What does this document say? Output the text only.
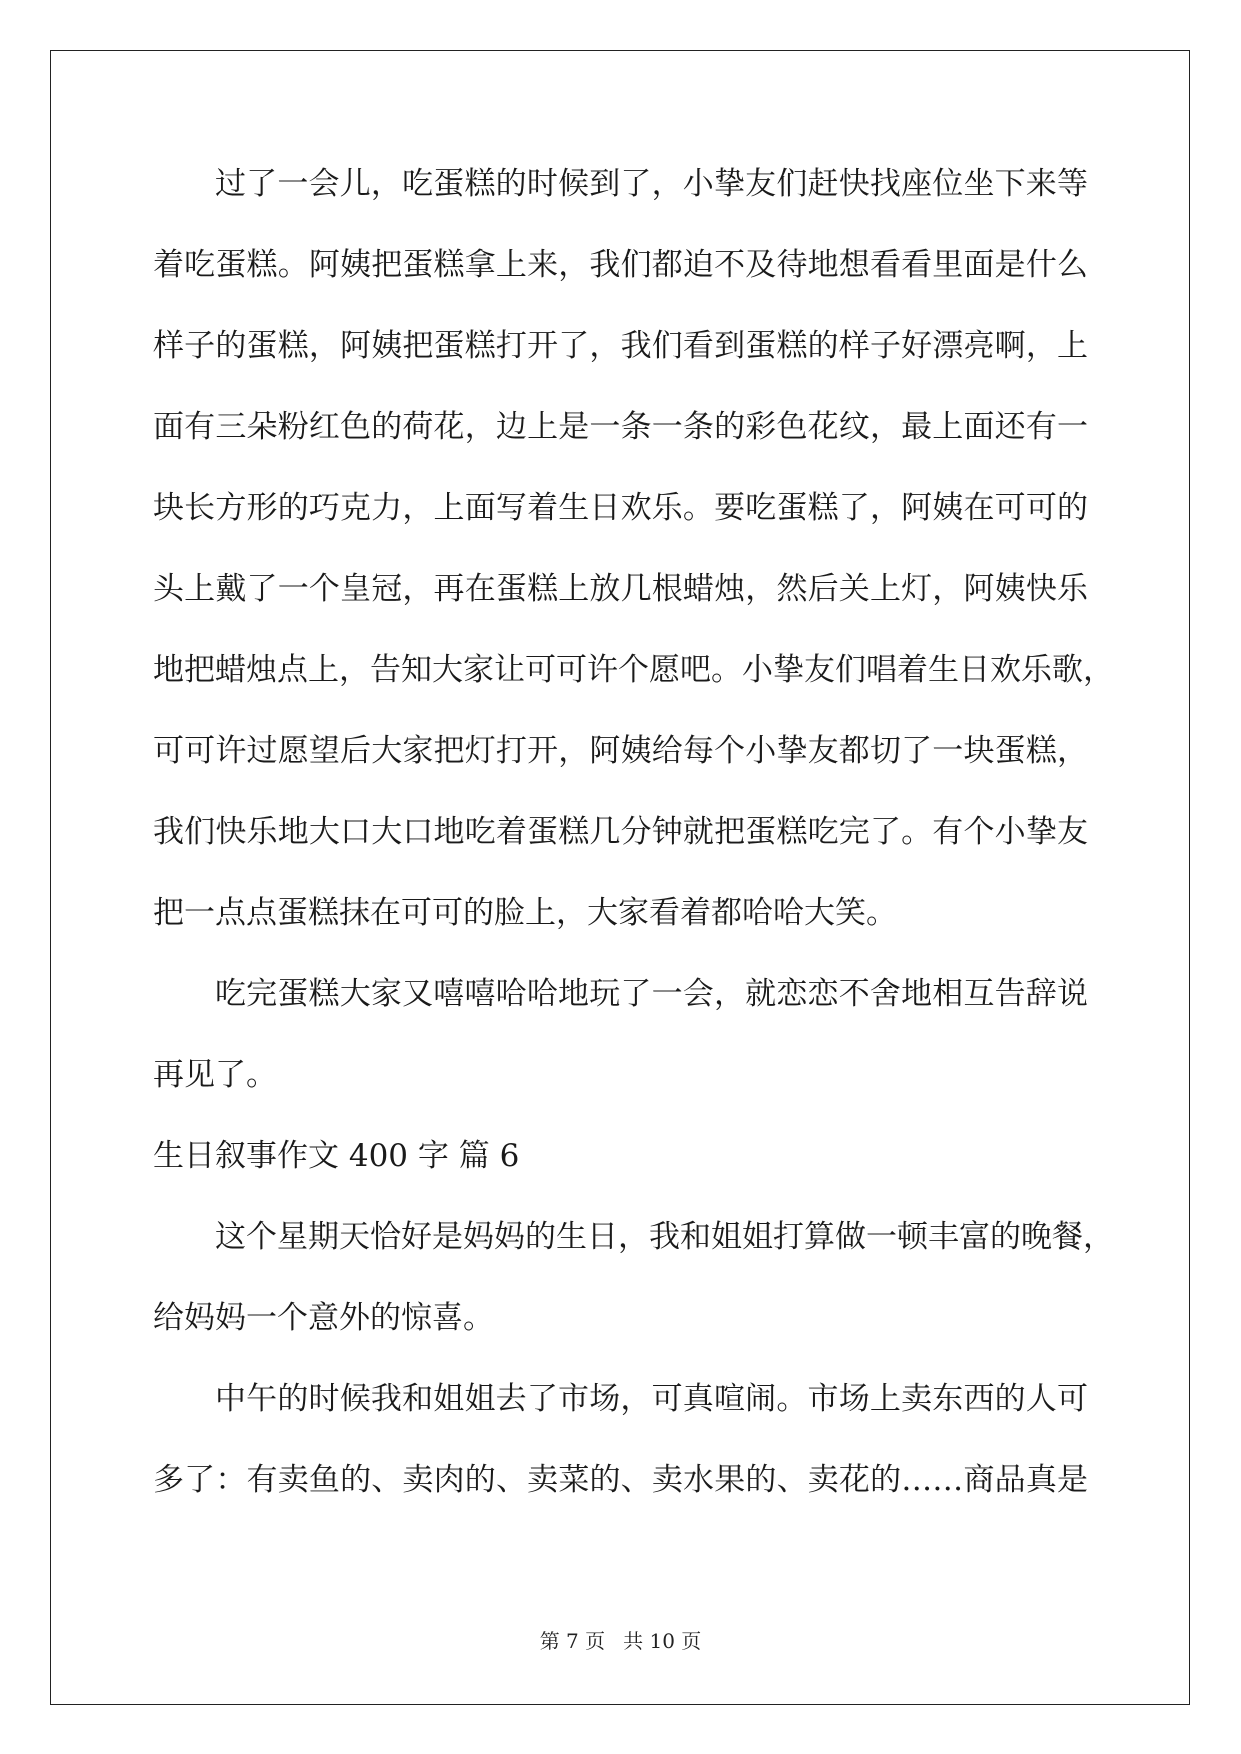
过了一会儿，吃蛋糕的时候到了，小挚友们赶快找座位坐下来等
着吃蛋糕。阿姨把蛋糕拿上来，我们都迫不及待地想看看里面是什么
样子的蛋糕，阿姨把蛋糕打开了，我们看到蛋糕的样子好漂亮啊，上
面有三朵粉红色的荷花，边上是一条一条的彩色花纹，最上面还有一
块长方形的巧克力，上面写着生日欢乐。要吃蛋糕了，阿姨在可可的
头上戴了一个皇冠，再在蛋糕上放几根蜡烛，然后关上灯，阿姨快乐
地把蜡烛点上，告知大家让可可许个愿吧。小挚友们唱着生日欢乐歌，
可可许过愿望后大家把灯打开，阿姨给每个小挚友都切了一块蛋糕，
我们快乐地大口大口地吃着蛋糕几分钟就把蛋糕吃完了。有个小挚友
把一点点蛋糕抹在可可的脸上，大家看着都哈哈大笑。
吃完蛋糕大家又嘻嘻哈哈地玩了一会，就恋恋不舍地相互告辞说
再见了。
生日叙事作文 400 字 篇 6
这个星期天恰好是妈妈的生日，我和姐姐打算做一顿丰富的晚餐，
给妈妈一个意外的惊喜。
中午的时候我和姐姐去了市场，可真喧闹。市场上卖东西的人可
多了：有卖鱼的、卖肉的、卖菜的、卖水果的、卖花的……商品真是
第 7 页 共 10 页
